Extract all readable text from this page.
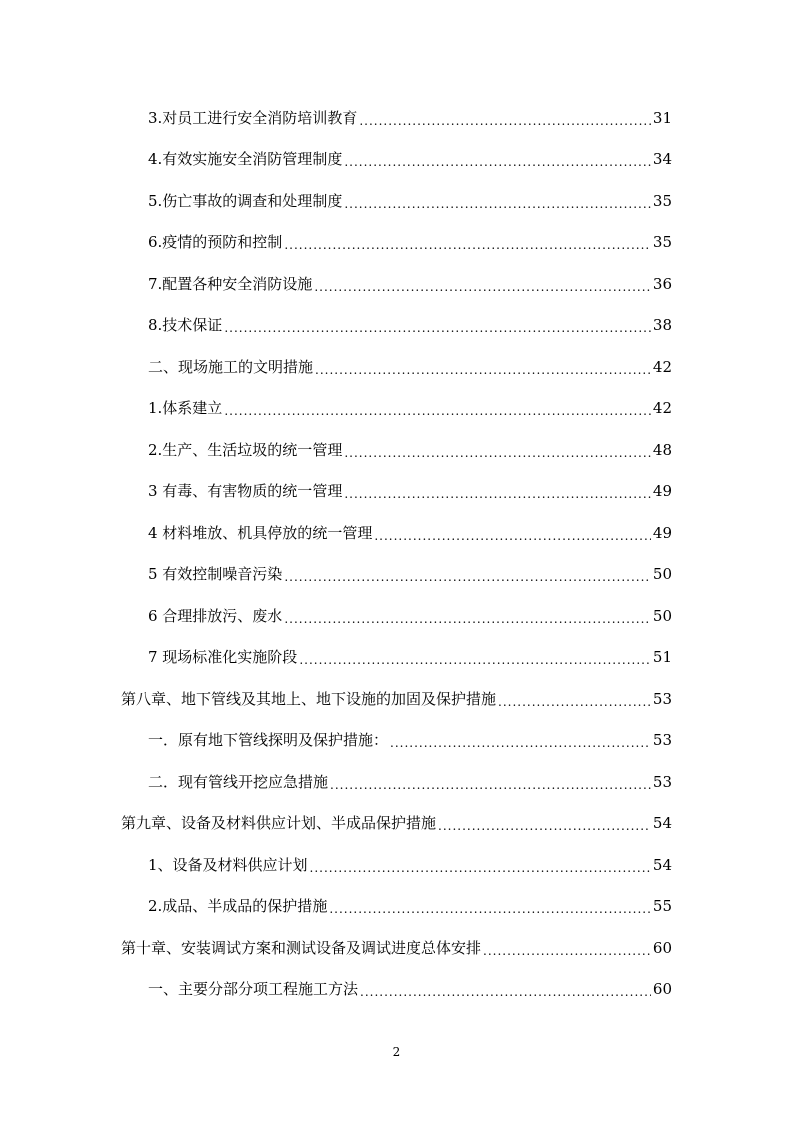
3.对员工进行安全消防培训教育 .....	31
4.有效实施安全消防管理制度 .....	34
5.伤亡事故的调查和处理制度 .....	35
6.疫情的预防和控制 .....	35
7.配置各种安全消防设施 .....	36
8.技术保证 .....	38
二、现场施工的文明措施 .....	42
1.体系建立 .....	42
2.生产、生活垃圾的统一管理 .....	48
3 有毒、有害物质的统一管理 .....	49
4 材料堆放、机具停放的统一管理 .....	49
5 有效控制噪音污染 .....	50
6 合理排放污、废水 .....	50
7 现场标准化实施阶段 .....	51
第八章、地下管线及其地上、地下设施的加固及保护措施 .....	53
一．原有地下管线探明及保护措施： .....	53
二．现有管线开挖应急措施 .....	53
第九章、设备及材料供应计划、半成品保护措施 .....	54
1、设备及材料供应计划 .....	54
2.成品、半成品的保护措施 .....	55
第十章、安装调试方案和测试设备及调试进度总体安排 .....	60
一、主要分部分项工程施工方法 .....	60
2
